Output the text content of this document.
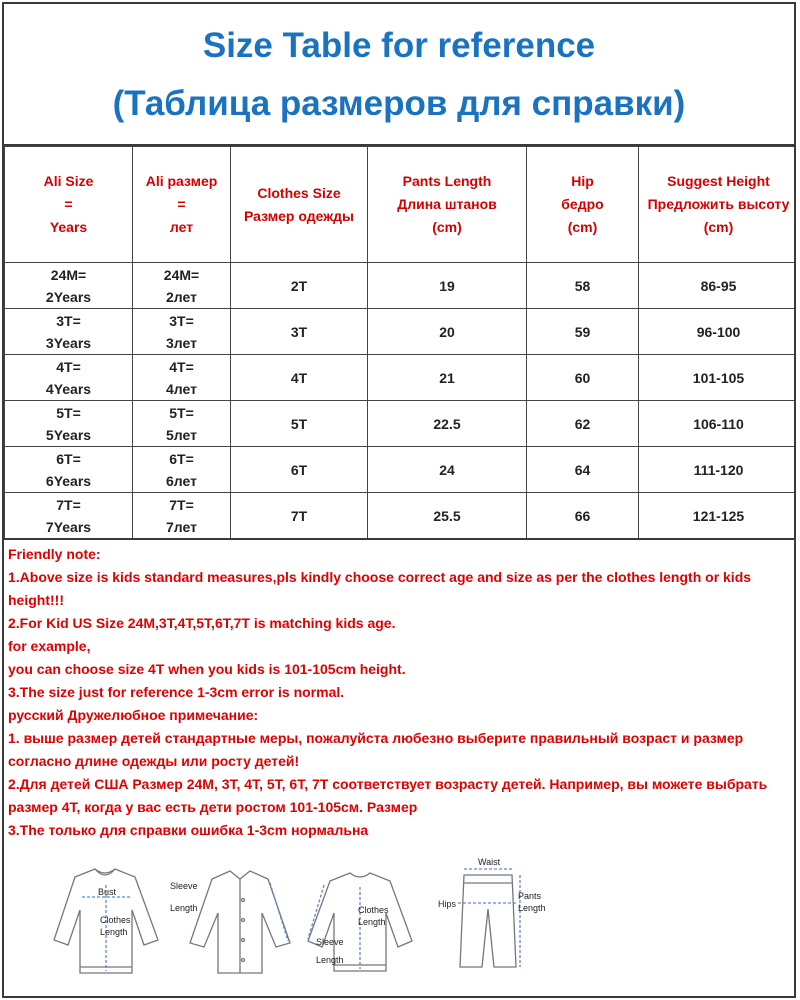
Size Table for reference
(Таблица размеров для справки)
Ali Size
=
Years	Ali размер
=
лет	Clothes Size
Размер одежды	Pants Length
Длина штанов
(cm)	Hip
бедро
(cm)	Suggest Height
Предложить высоту
(cm)

24M=
2Years	24M=
2лет	2T	19	58	86-95

3T=
3Years	3T=
3лет	3T	20	59	96-100

4T=
4Years	4T=
4лет	4T	21	60	101-105

5T=
5Years	5T=
5лет	5T	22.5	62	106-110

6T=
6Years	6T=
6лет	6T	24	64	111-120

7T=
7Years	7T=
7лет	7T	25.5	66	121-125
Friendly note:
1.Above size is kids standard measures,pls kindly choose correct age and size as per the clothes length or kids height!!!
2.For Kid US Size 24M,3T,4T,5T,6T,7T is matching kids age.
for example,
you can choose size 4T when you kids is 101-105cm height.
3.The size just for reference 1-3cm error is normal.
русский Дружелюбное примечание:
1. выше размер детей стандартные меры, пожалуйста любезно выберите правильный возраст и размер согласно длине одежды или росту детей!
2.Для детей США Размер 24M, 3T, 4T, 5T, 6T, 7T соответствует возрасту детей. Например, вы можете выбрать размер 4T, когда у вас есть дети ростом 101-105см. Размер
3.The только для справки ошибка 1-3cm нормальна
Bust
Clothes
Length
Sleeve
Length	Clothes
Length
Sleeve
Length
Waist
Pants
Length
Hips
